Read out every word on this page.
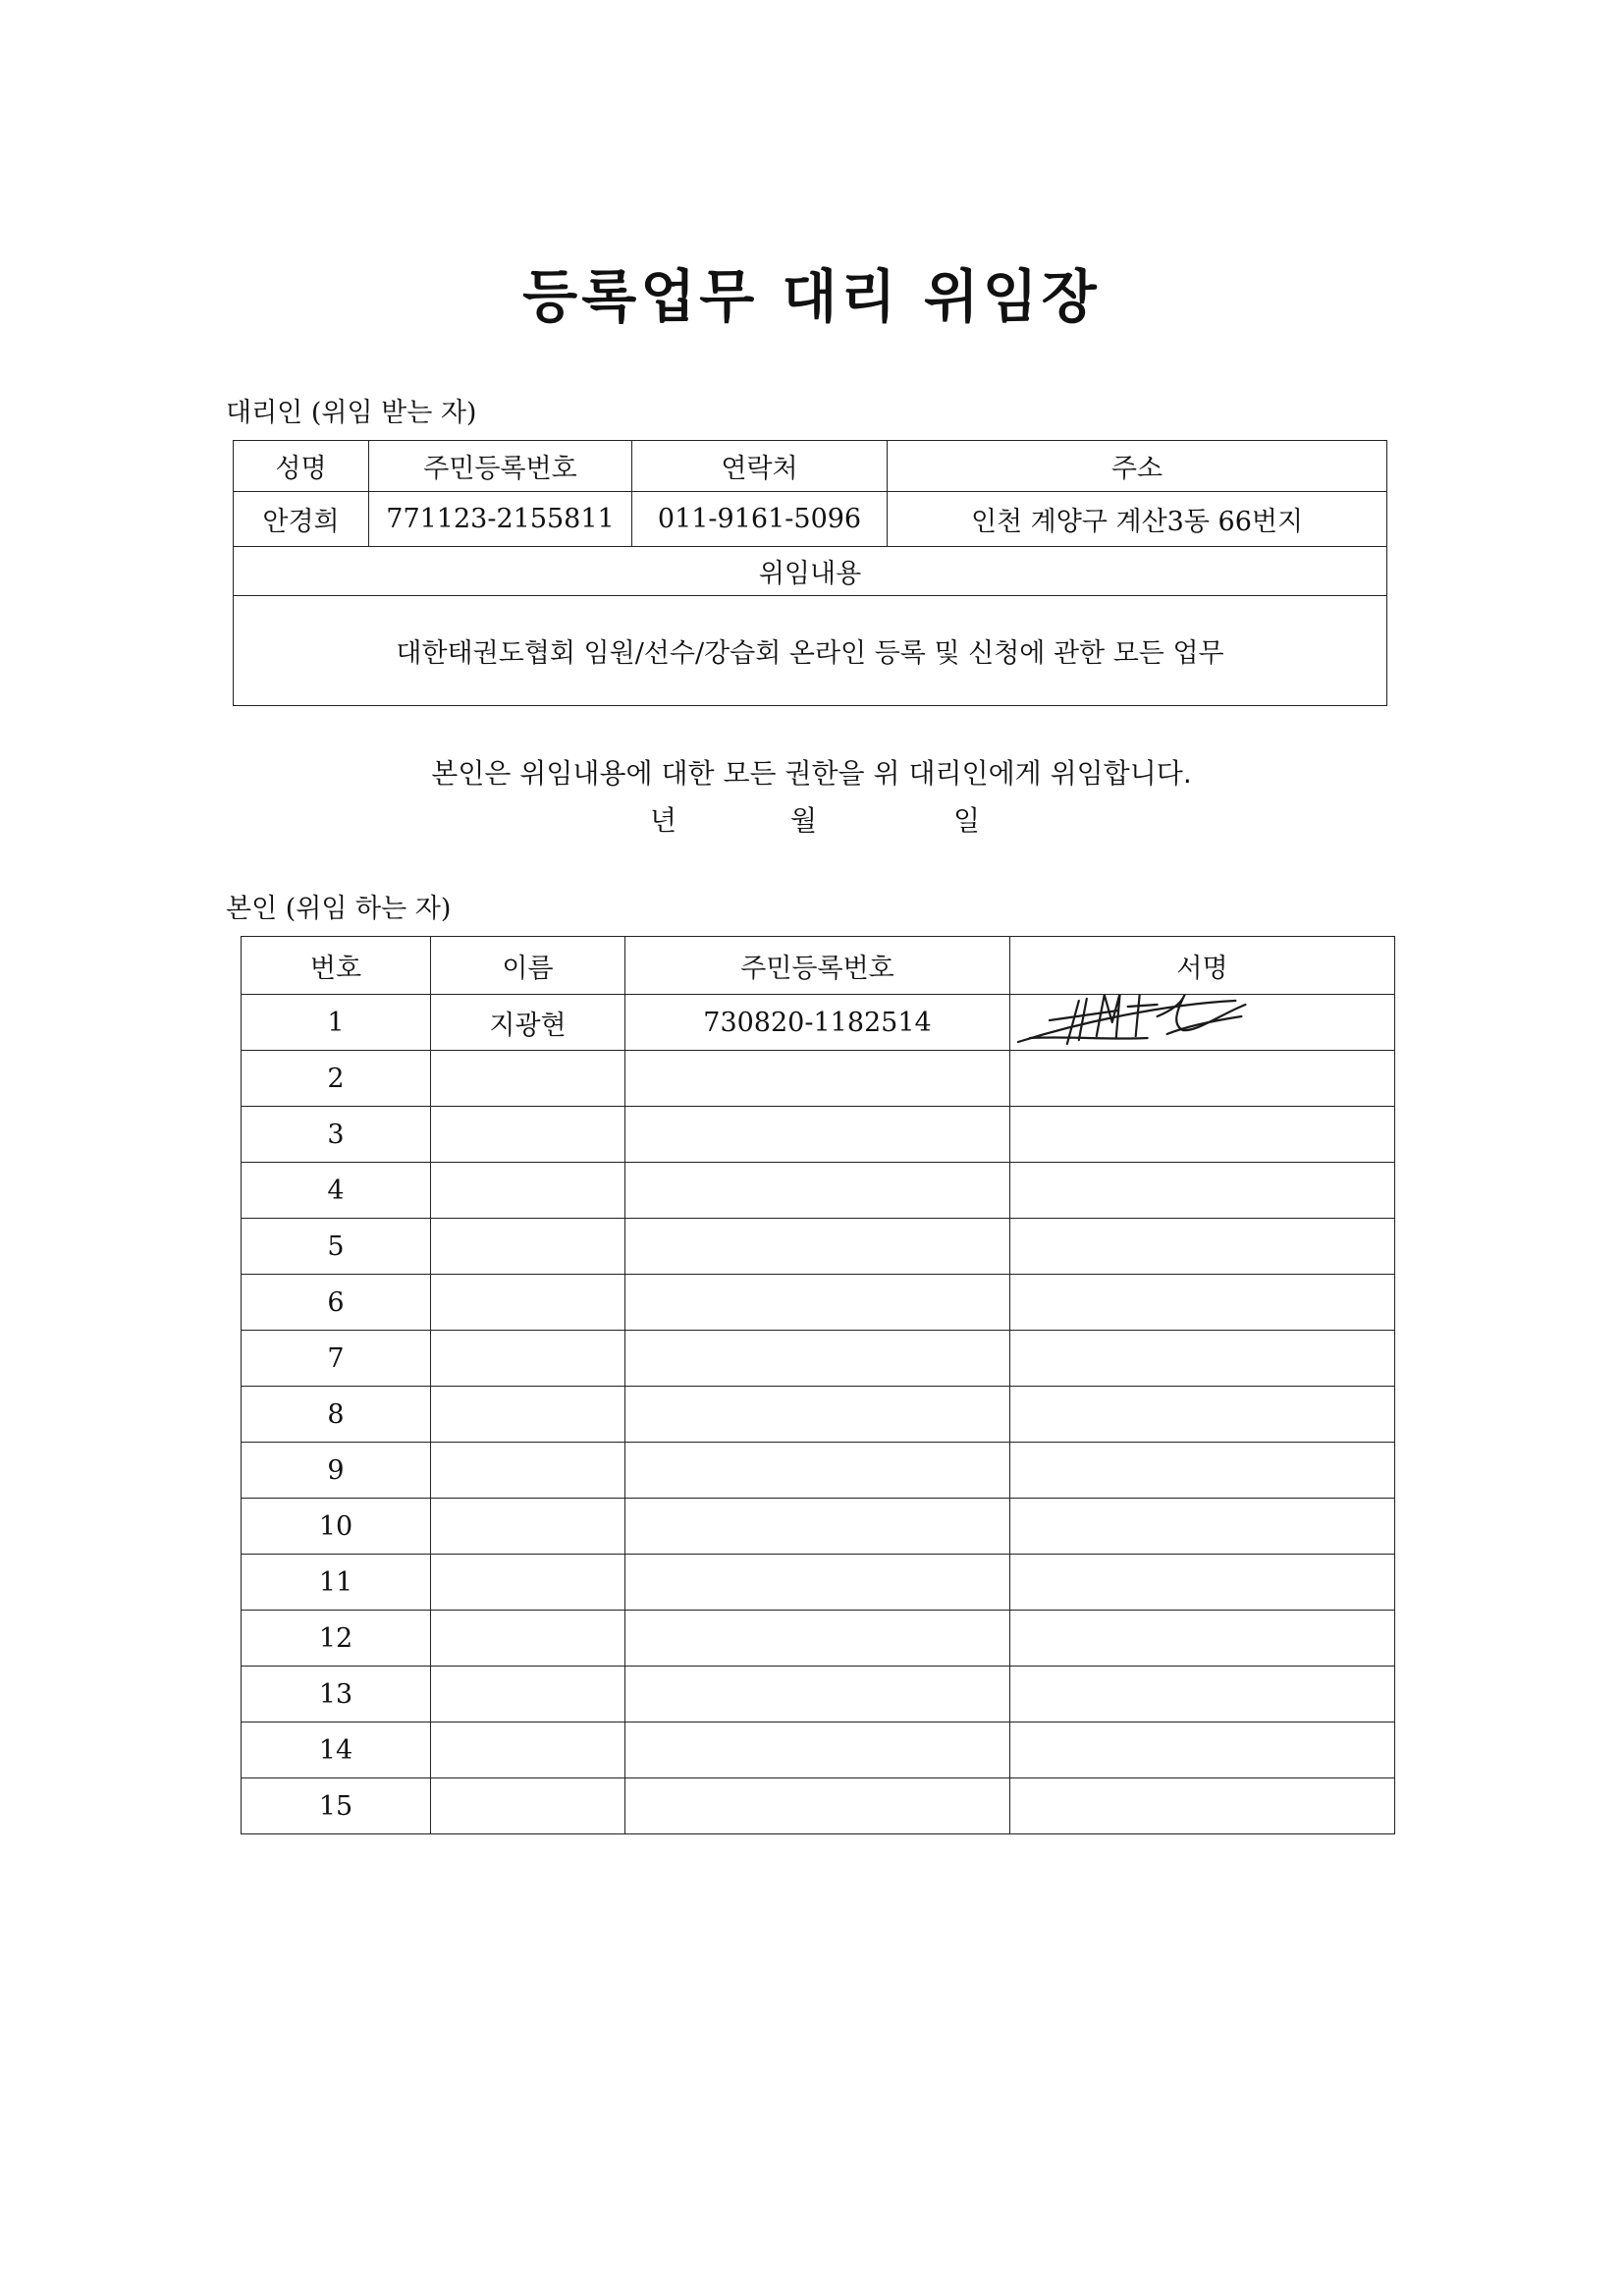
등록업무 대리 위임장
대리인 (위임 받는 자)
성명	주민등록번호	연락처	주소
안경희	771123-2155811	011-9161-5096	인천 계양구 계산3동 66번지
위임내용			
대한태권도협회 임원/선수/강습회 온라인 등록 및 신청에 관한 모든 업무			
본인은 위임내용에 대한 모든 권한을 위 대리인에게 위임합니다.
년	월	일
본인 (위임 하는 자)
번호	이름	주민등록번호	서명
1	지광현	730820-1182514	

2			
3			
4			
5			
6			
7			
8			
9			
10			
11			
12			
13			
14			
15			
